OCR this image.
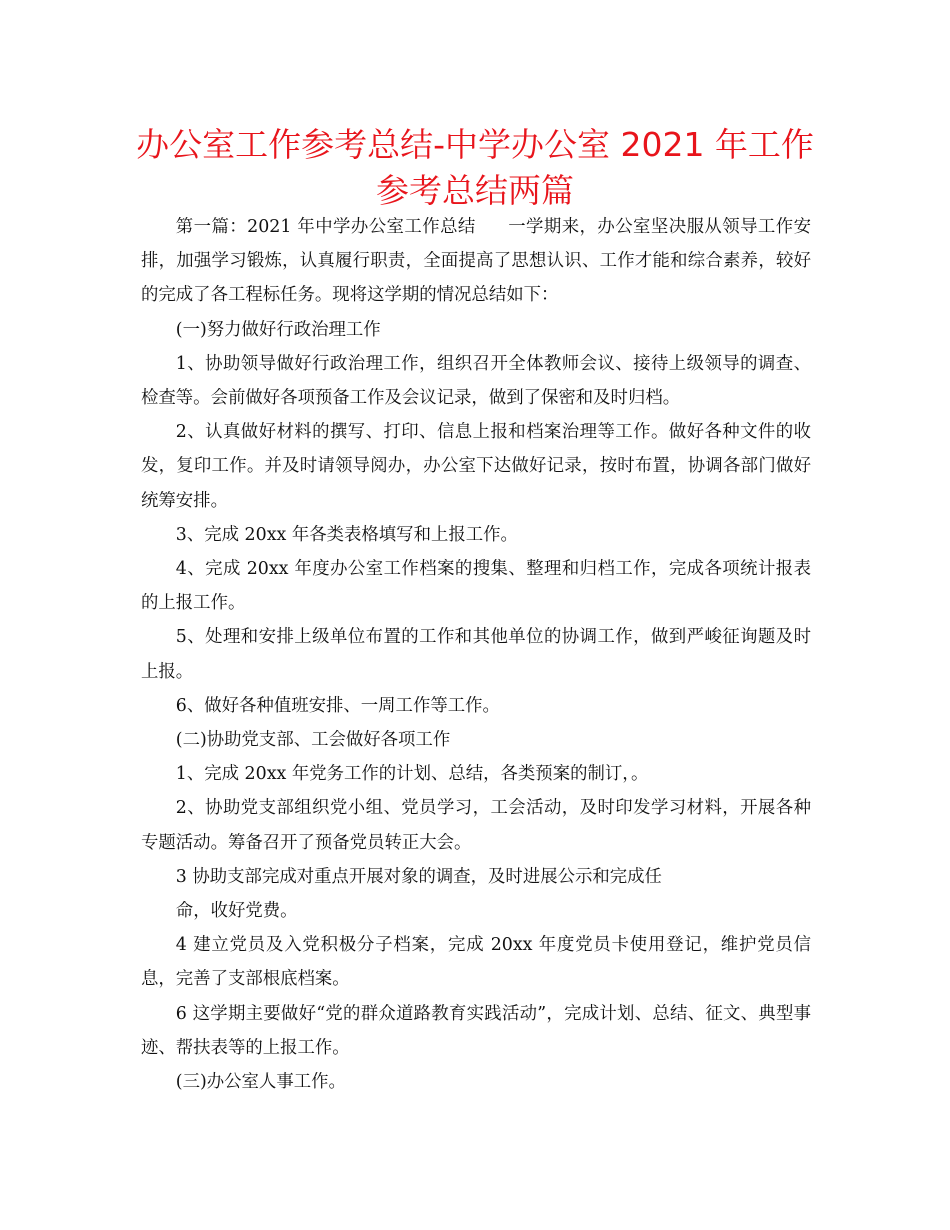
办公室工作参考总结-中学办公室 2021 年工作参考总结两篇

第一篇：2021 年中学办公室工作总结 一学期来，办公室坚决服从领导工作安排，加强学习锻炼，认真履行职责，全面提高了思想认识、工作才能和综合素养，较好的完成了各工程标任务。现将这学期的情况总结如下：

(一)努力做好行政治理工作

1、协助领导做好行政治理工作，组织召开全体教师会议、接待上级领导的调查、检查等。会前做好各项预备工作及会议记录，做到了保密和及时归档。

2、认真做好材料的撰写、打印、信息上报和档案治理等工作。做好各种文件的收发，复印工作。并及时请领导阅办，办公室下达做好记录，按时布置，协调各部门做好统筹安排。

3、完成 20xx 年各类表格填写和上报工作。

4、完成 20xx 年度办公室工作档案的搜集、整理和归档工作，完成各项统计报表的上报工作。

5、处理和安排上级单位布置的工作和其他单位的协调工作，做到严峻征询题及时上报。

6、做好各种值班安排、一周工作等工作。

(二)协助党支部、工会做好各项工作

1、完成 20xx 年党务工作的计划、总结，各类预案的制订，。

2、协助党支部组织党小组、党员学习，工会活动，及时印发学习材料，开展各种专题活动。筹备召开了预备党员转正大会。

3 协助支部完成对重点开展对象的调查，及时进展公示和完成任

命，收好党费。

4 建立党员及入党积极分子档案，完成 20xx 年度党员卡使用登记，维护党员信息，完善了支部根底档案。

6 这学期主要做好“党的群众道路教育实践活动”，完成计划、总结、征文、典型事迹、帮扶表等的上报工作。

(三)办公室人事工作。
